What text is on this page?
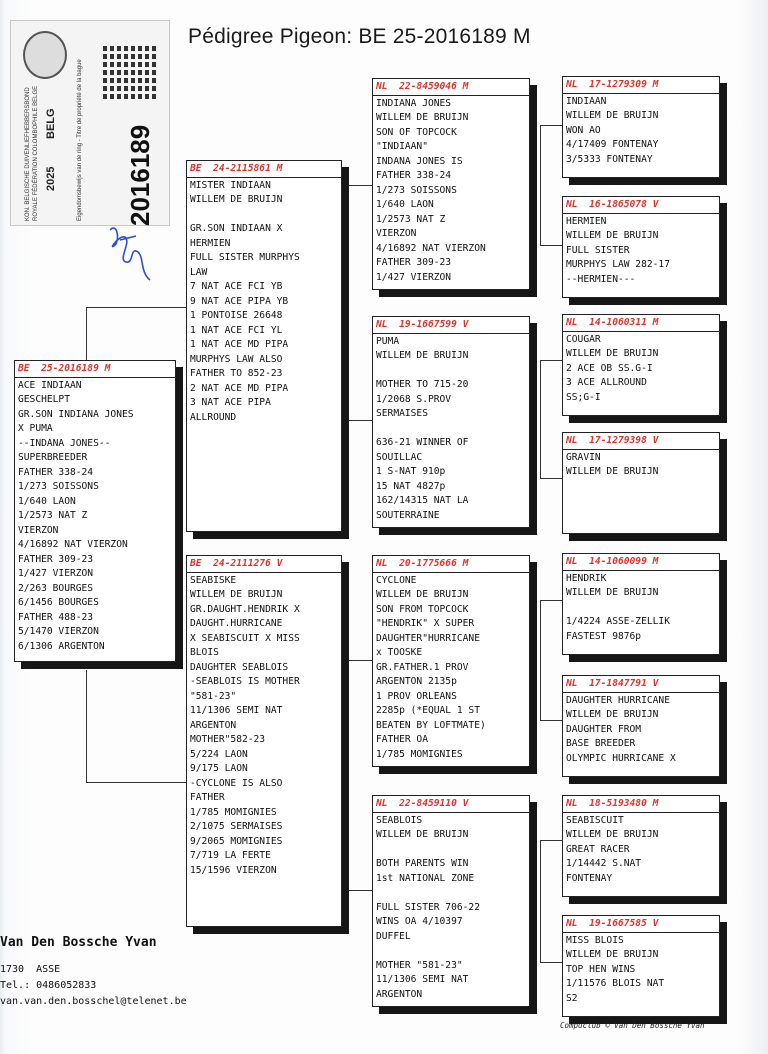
Pédigree Pigeon: BE 25-2016189 M
KON. BELGISCHE DUIVENLIEFHEBBERSBOND ROYALE FÉDÉRATION COLOMBOPHILE BELGE	Eigendomsbewijs van de ring - Titre de propriété de la bague
2025
BELG
2016189
BE  25-2016189 M
ACE INDIAAN
GESCHELPT
GR.SON INDIANA JONES
X PUMA
--INDANA JONES--
SUPERBREEDER
FATHER 338-24
1/273 SOISSONS
1/640 LAON
1/2573 NAT Z
VIERZON
4/16892 NAT VIERZON
FATHER 309-23
1/427 VIERZON
2/263 BOURGES
6/1456 BOURGES
FATHER 488-23
5/1470 VIERZON
6/1306 ARGENTON
BE  24-2115861 M
MISTER INDIAAN
WILLEM DE BRUIJN
GR.SON INDIAAN X
HERMIEN
FULL SISTER MURPHYS
LAW
7 NAT ACE FCI YB
9 NAT ACE PIPA YB
1 PONTOISE 26648
1 NAT ACE FCI YL
1 NAT ACE MD PIPA
MURPHYS LAW ALSO
FATHER TO 852-23
2 NAT ACE MD PIPA
3 NAT ACE PIPA
ALLROUND
BE  24-2111276 V
SEABISKE
WILLEM DE BRUIJN
GR.DAUGHT.HENDRIK X
DAUGHT.HURRICANE
X SEABISCUIT X MISS
BLOIS
DAUGHTER SEABLOIS
-SEABLOIS IS MOTHER
"581-23"
11/1306 SEMI NAT
ARGENTON
MOTHER"582-23
5/224 LAON
9/175 LAON
-CYCLONE IS ALSO
FATHER
1/785 MOMIGNIES
2/1075 SERMAISES
9/2065 MOMIGNIES
7/719 LA FERTE
15/1596 VIERZON
NL  22-8459046 M
INDIANA JONES
WILLEM DE BRUIJN
SON OF TOPCOCK
"INDIAAN"
INDANA JONES IS
FATHER 338-24
1/273 SOISSONS
1/640 LAON
1/2573 NAT Z
VIERZON
4/16892 NAT VIERZON
FATHER 309-23
1/427 VIERZON
NL  19-1667599 V
PUMA
WILLEM DE BRUIJN
MOTHER TO 715-20
1/2068 S.PROV
SERMAISES
636-21 WINNER OF
SOUILLAC
1 S-NAT 910p
15 NAT 4827p
162/14315 NAT LA
SOUTERRAINE
NL  20-1775666 M
CYCLONE
WILLEM DE BRUIJN
SON FROM TOPCOCK
"HENDRIK" X SUPER
DAUGHTER"HURRICANE
x TOOSKE
GR.FATHER.1 PROV
ARGENTON 2135p
1 PROV ORLEANS
2285p (*EQUAL 1 ST
BEATEN BY LOFTMATE)
FATHER OA
1/785 MOMIGNIES
NL  22-8459110 V
SEABLOIS
WILLEM DE BRUIJN
BOTH PARENTS WIN
1st NATIONAL ZONE
FULL SISTER 706-22
WINS OA 4/10397
DUFFEL
MOTHER "581-23"
11/1306 SEMI NAT
ARGENTON
NL  17-1279309 M
INDIAAN
WILLEM DE BRUIJN
WON AO
4/17409 FONTENAY
3/5333 FONTENAY
NL  16-1865078 V
HERMIEN
WILLEM DE BRUIJN
FULL SISTER
MURPHYS LAW 282-17
--HERMIEN---
NL  14-1060311 M
COUGAR
WILLEM DE BRUIJN
2 ACE OB SS.G-I
3 ACE ALLROUND
SS;G-I
NL  17-1279398 V
GRAVIN
WILLEM DE BRUIJN
NL  14-1060099 M
HENDRIK
WILLEM DE BRUIJN
1/4224 ASSE-ZELLIK
FASTEST 9876p
NL  17-1847791 V
DAUGHTER HURRICANE
WILLEM DE BRUIJN
DAUGHTER FROM
BASE BREEDER
OLYMPIC HURRICANE X
NL  18-5193480 M
SEABISCUIT
WILLEM DE BRUIJN
GREAT RACER
1/14442 S.NAT
FONTENAY
NL  19-1667585 V
MISS BLOIS
WILLEM DE BRUIJN
TOP HEN WINS
1/11576 BLOIS NAT
S2
Van Den Bossche Yvan
1730  ASSE
Tel.: 0486052833
van.van.den.bosschel@telenet.be
Compuclub © Van Den Bossche Yvan
